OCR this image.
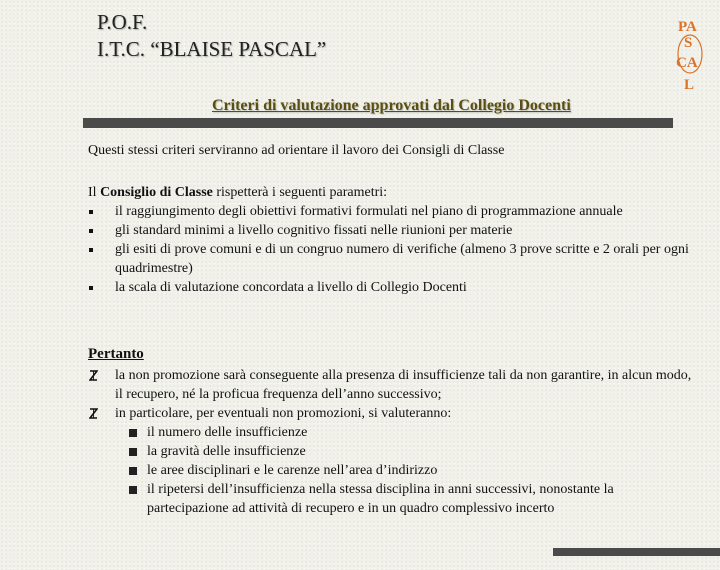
P.O.F.
I.T.C. “BLAISE PASCAL”
PA
S
CA
L
Criteri di valutazione approvati dal Collegio Docenti
Questi stessi criteri serviranno ad orientare il lavoro dei Consigli di Classe
Il Consiglio di Classe rispetterà i seguenti parametri:
il raggiungimento degli obiettivi formativi formulati nel piano di programmazione annuale
gli standard minimi a livello cognitivo fissati nelle riunioni per materie
gli esiti di prove comuni e di un congruo numero di verifiche (almeno 3 prove scritte e 2 orali per ogni quadrimestre)
la scala di valutazione concordata a livello di Collegio Docenti
Pertanto
la non promozione sarà conseguente alla presenza di insufficienze tali da non garantire, in alcun modo, il recupero, né la proficua frequenza dell’anno successivo;
in particolare, per eventuali non promozioni, si valuteranno:
il numero delle insufficienze
la gravità delle insufficienze
le aree disciplinari e le carenze nell’area d’indirizzo
il ripetersi dell’insufficienza nella stessa disciplina in anni successivi, nonostante la partecipazione ad attività di recupero e in un quadro complessivo incerto
